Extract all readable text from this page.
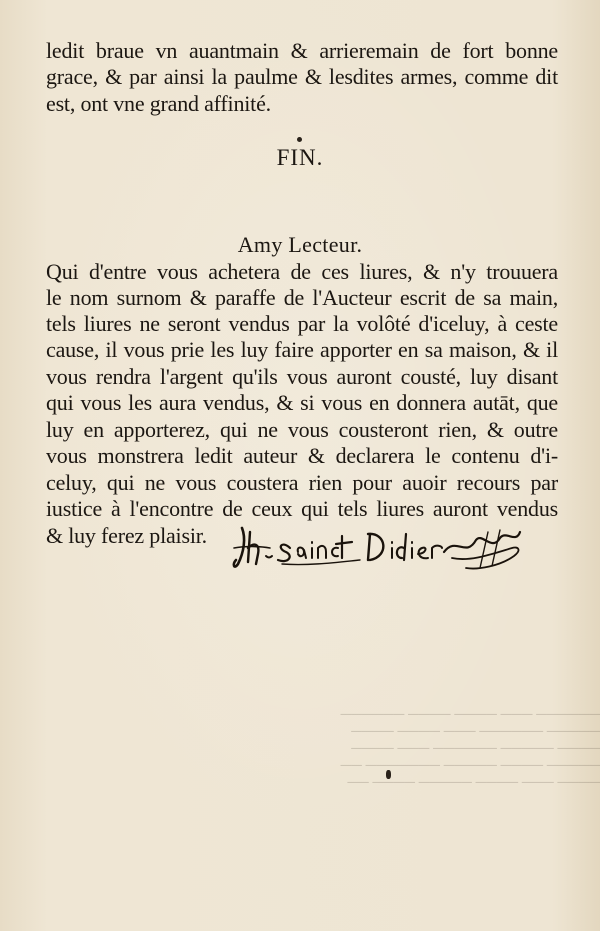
ledit braue vn auantmain & arrieremain de fort bonne
grace, & par ainsi la paulme & lesdites armes, comme dit
est, ont vne grand affinité.
FIN.
Amy Lecteur.
Qui d'entre vous achetera de ces liures, & n'y trouuera
le nom surnom & paraffe de l'Aucteur escrit de sa main,
tels liures ne seront vendus par la volôté d'iceluy, à ceste
cause, il vous prie les luy faire apporter en sa maison, & il
vous rendra l'argent qu'ils vous auront cousté, luy disant
qui vous les aura vendus, & si vous en donnera autāt, que
luy en apporterez, qui ne vous cousteront rien, & outre
vous monstrera ledit auteur & declarera le contenu d'i-
celuy, qui ne vous coustera rien pour auoir recours par
iustice à l'encontre de ceux qui tels liures auront vendus
& luy ferez plaisir.

────── ─── ──── ──── ──────
───── ────── ─── ──── ────
──── ───── ────── ─── ────
───── ──── ───── ─────── ──
──── ─── ──── ───── ──── ──
